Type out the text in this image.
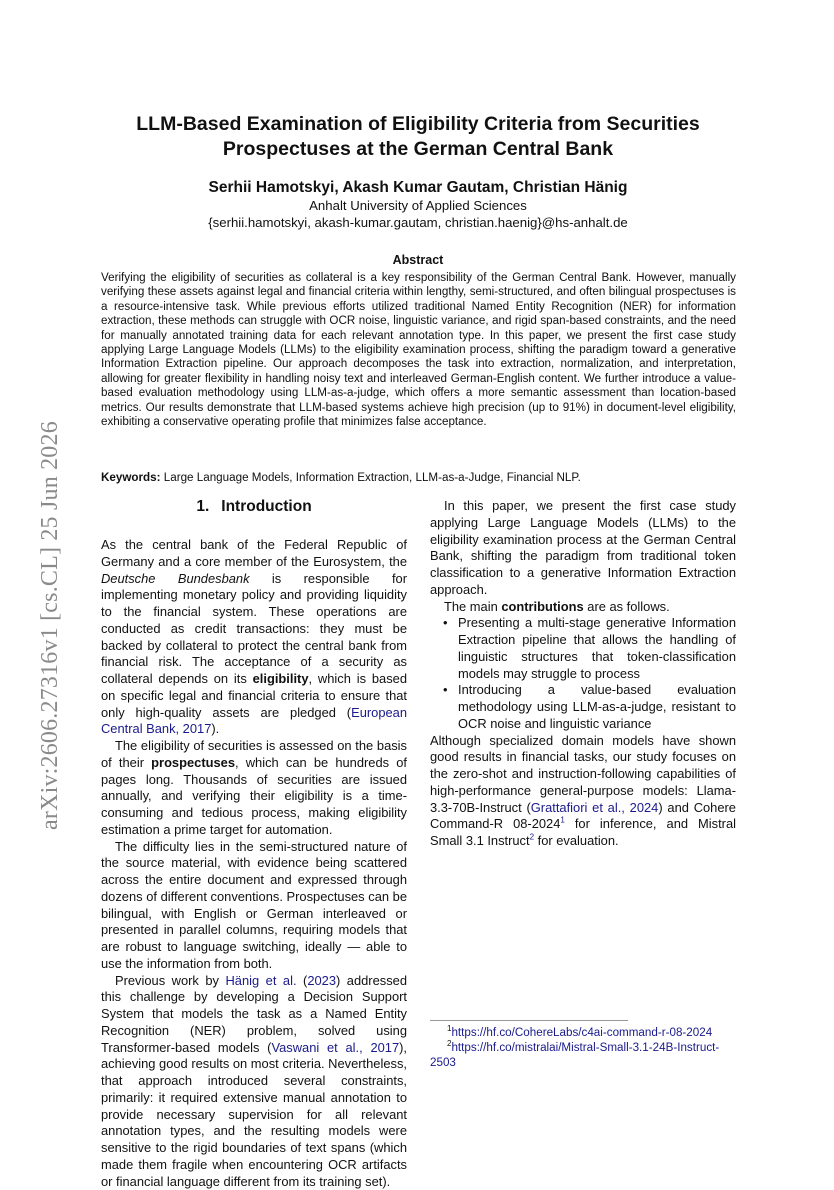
arXiv:2606.27316v1 [cs.CL] 25 Jun 2026
LLM-Based Examination of Eligibility Criteria from Securities
Prospectuses at the German Central Bank
Serhii Hamotskyi, Akash Kumar Gautam, Christian Hänig
Anhalt University of Applied Sciences
{serhii.hamotskyi, akash-kumar.gautam, christian.haenig}@hs-anhalt.de
Abstract
Verifying the eligibility of securities as collateral is a key responsibility of the German Central Bank. However, manually verifying these assets against legal and financial criteria within lengthy, semi-structured, and often bilingual prospectuses is a resource-intensive task. While previous efforts utilized traditional Named Entity Recognition (NER) for information extraction, these methods can struggle with OCR noise, linguistic variance, and rigid span-based constraints, and the need for manually annotated training data for each relevant annotation type. In this paper, we present the first case study applying Large Language Models (LLMs) to the eligibility examination process, shifting the paradigm toward a generative Information Extraction pipeline. Our approach decomposes the task into extraction, normalization, and interpretation, allowing for greater flexibility in handling noisy text and interleaved German-English content. We further introduce a value-based evaluation methodology using LLM-as-a-judge, which offers a more semantic assessment than location-based metrics. Our results demonstrate that LLM-based systems achieve high precision (up to 91%) in document-level eligibility, exhibiting a conservative operating profile that minimizes false acceptance.
Keywords: Large Language Models, Information Extraction, LLM-as-a-Judge, Financial NLP.
1. Introduction

As the central bank of the Federal Republic of Germany and a core member of the Eurosystem, the Deutsche Bundesbank is responsible for implementing monetary policy and providing liquidity to the financial system. These operations are conducted as credit transactions: they must be backed by collateral to protect the central bank from financial risk. The acceptance of a security as collateral depends on its eligibility, which is based on specific legal and financial criteria to ensure that only high-quality assets are pledged (European Central Bank, 2017).

The eligibility of securities is assessed on the basis of their prospectuses, which can be hundreds of pages long. Thousands of securities are issued annually, and verifying their eligibility is a time-consuming and tedious process, making eligibility estimation a prime target for automation.

The difficulty lies in the semi-structured nature of the source material, with evidence being scattered across the entire document and expressed through dozens of different conventions. Prospectuses can be bilingual, with English or German interleaved or presented in parallel columns, requiring models that are robust to language switching, ideally — able to use the information from both.

Previous work by Hänig et al. (2023) addressed this challenge by developing a Decision Support System that models the task as a Named Entity Recognition (NER) problem, solved using Transformer-based models (Vaswani et al., 2017), achieving good results on most criteria. Nevertheless, that approach introduced several constraints, primarily: it required extensive manual annotation to provide necessary supervision for all relevant annotation types, and the resulting models were sensitive to the rigid boundaries of text spans (which made them fragile when encountering OCR artifacts or financial language different from its training set).

In this paper, we present the first case study applying Large Language Models (LLMs) to the eligibility examination process at the German Central Bank, shifting the paradigm from traditional token classification to a generative Information Extraction approach.

The main contributions are as follows.

• Presenting a multi-stage generative Information Extraction pipeline that allows the handling of linguistic structures that token-classification models may struggle to process
• Introducing a value-based evaluation methodology using LLM-as-a-judge, resistant to OCR noise and linguistic variance

Although specialized domain models have shown good results in financial tasks, our study focuses on the zero-shot and instruction-following capabilities of high-performance general-purpose models: Llama-3.3-70B-Instruct (Grattafiori et al., 2024) and Cohere Command-R 08-2024$^1$ for inference, and Mistral Small 3.1 Instruct$^2$ for evaluation.

$^1$https://hf.co/CohereLabs/c4ai-command-r-08-2024
$^2$https://hf.co/mistralai/Mistral-Small-3.1-24B-Instruct-2503
